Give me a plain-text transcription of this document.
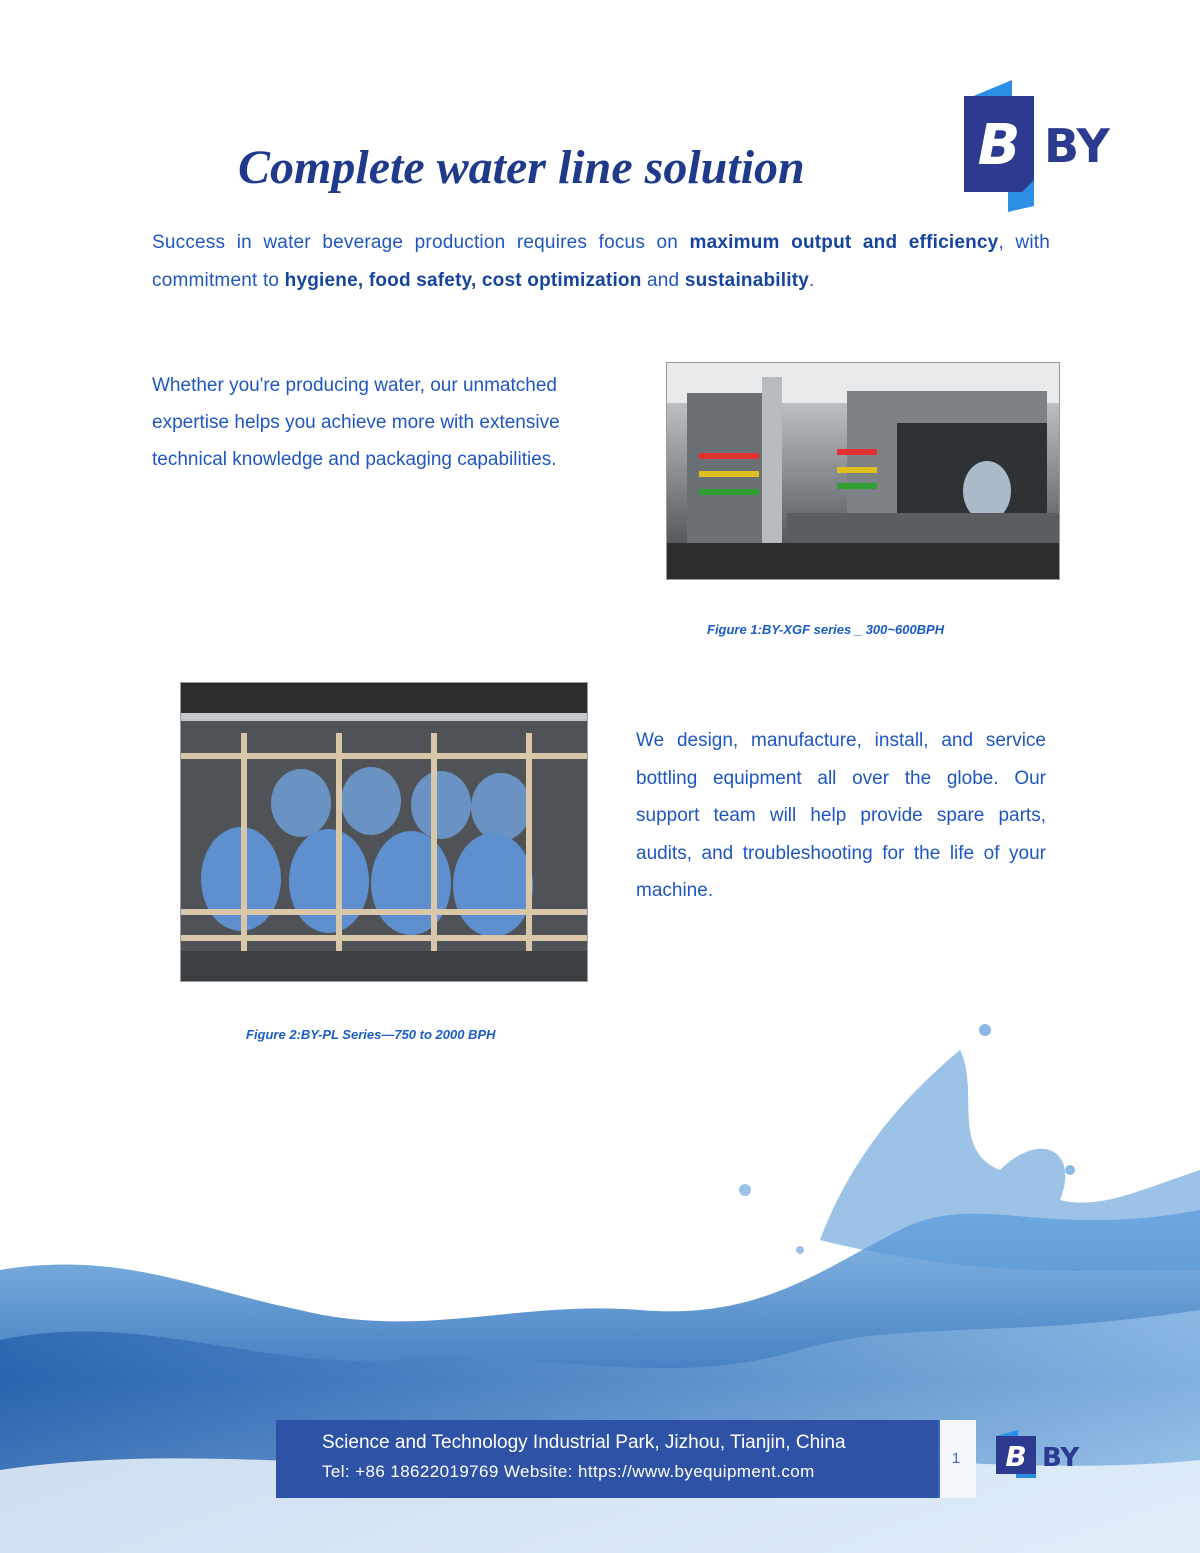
B BY
Complete water line solution
Success in water beverage production requires focus on maximum output and efficiency, with commitment to hygiene, food safety, cost optimization and sustainability.
Whether you're producing water, our unmatched expertise helps you achieve more with extensive technical knowledge and packaging capabilities.
Figure 1:BY-XGF series _ 300~600BPH
Figure 2:BY-PL Series—750 to 2000 BPH
We design, manufacture, install, and service bottling equipment all over the globe. Our support team will help provide spare parts, audits, and troubleshooting for the life of your machine.
Science and Technology Industrial Park, Jizhou, Tianjin, China
Tel: +86 18622019769 Website: https://www.byequipment.com
1	B BY
